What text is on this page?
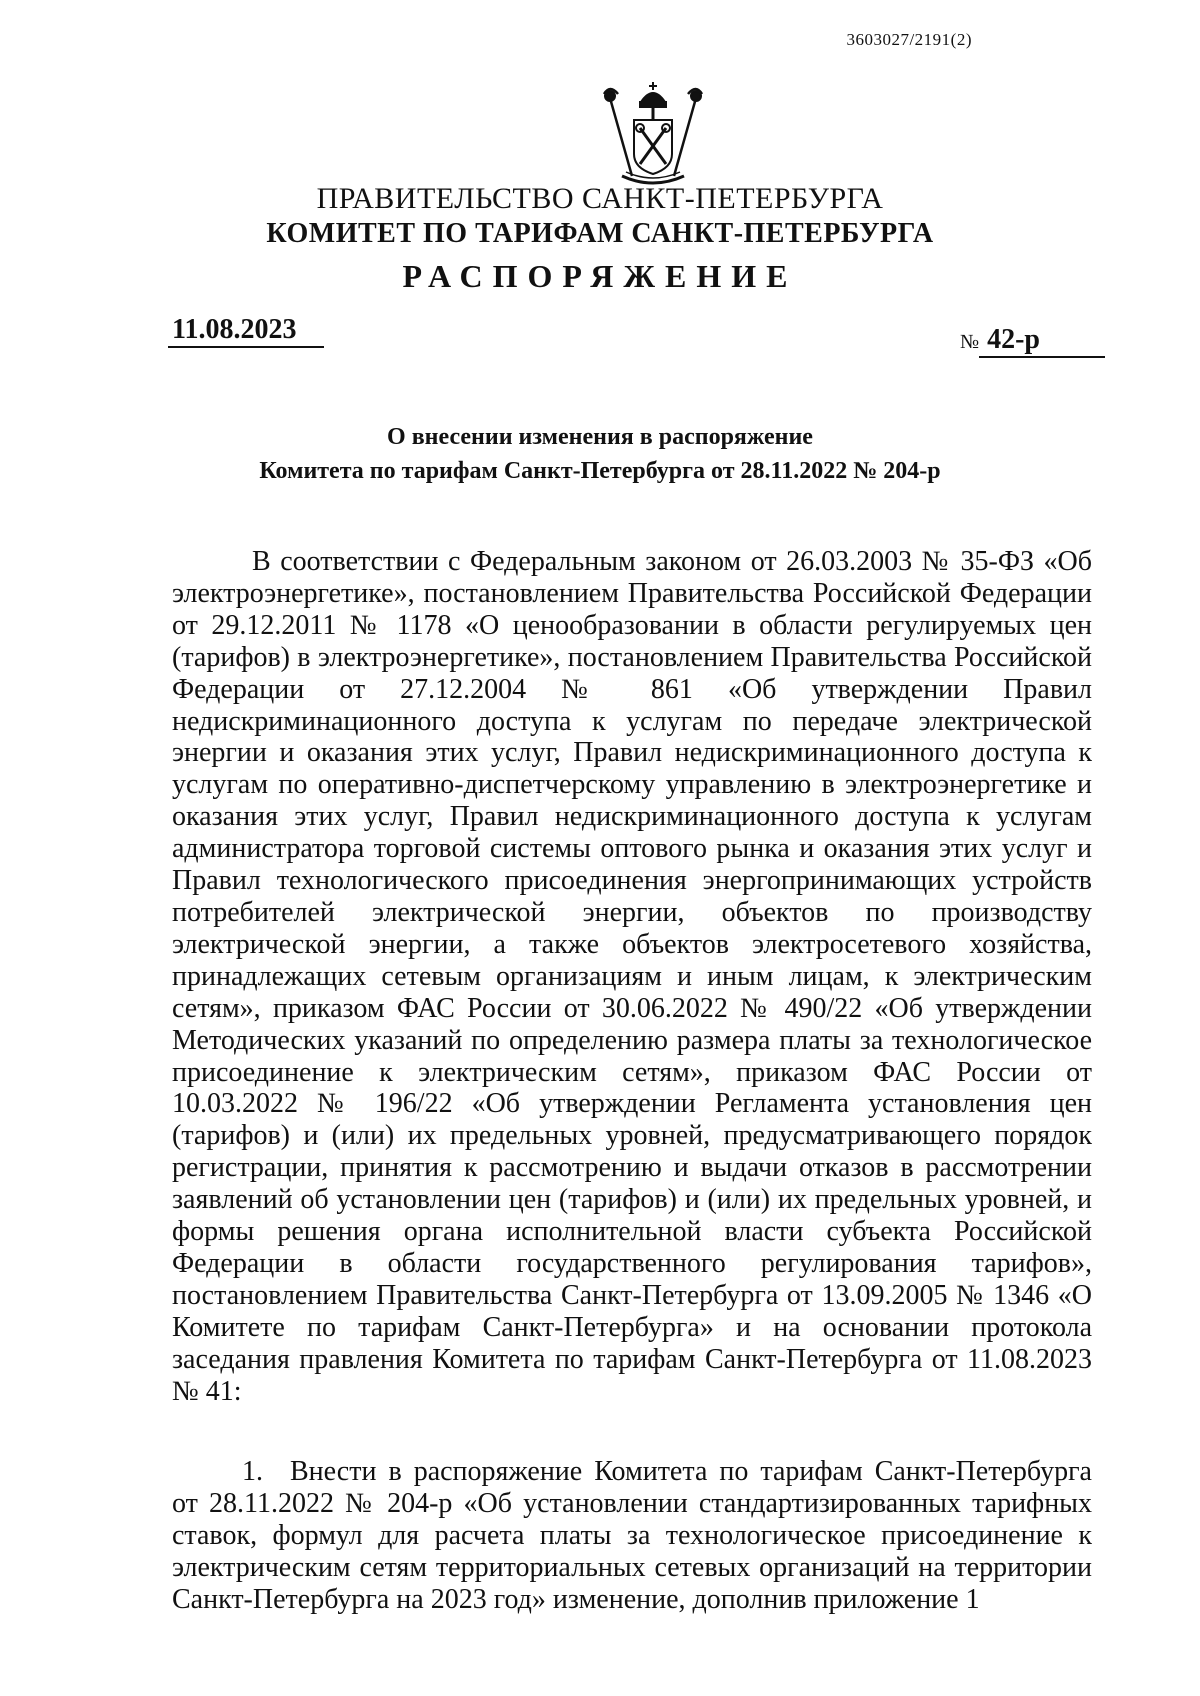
3603027/2191(2)
ПРАВИТЕЛЬСТВО САНКТ-ПЕТЕРБУРГА
КОМИТЕТ ПО ТАРИФАМ САНКТ-ПЕТЕРБУРГА
РАСПОРЯЖЕНИЕ
11.08.2023	№ 42-р
О внесении изменения в распоряжение
Комитета по тарифам Санкт-Петербурга от 28.11.2022 № 204-р

В соответствии с Федеральным законом от 26.03.2003 № 35-ФЗ «Об электроэнергетике», постановлением Правительства Российской Федерации от 29.12.2011 № 1178 «О ценообразовании в области регулируемых цен (тарифов) в электроэнергетике», постановлением Правительства Российской Федерации от 27.12.2004 № 861 «Об утверждении Правил недискриминационного доступа к услугам по передаче электрической энергии и оказания этих услуг, Правил недискриминационного доступа к услугам по оперативно-диспетчерскому управлению в электроэнергетике и оказания этих услуг, Правил недискриминационного доступа к услугам администратора торговой системы оптового рынка и оказания этих услуг и Правил технологического присоединения энергопринимающих устройств потребителей электрической энергии, объектов по производству электрической энергии, а также объектов электросетевого хозяйства, принадлежащих сетевым организациям и иным лицам, к электрическим сетям», приказом ФАС России от 30.06.2022 № 490/22 «Об утверждении Методических указаний по определению размера платы за технологическое присоединение к электрическим сетям», приказом ФАС России от 10.03.2022 № 196/22 «Об утверждении Регламента установления цен (тарифов) и (или) их предельных уровней, предусматривающего порядок регистрации, принятия к рассмотрению и выдачи отказов в рассмотрении заявлений об установлении цен (тарифов) и (или) их предельных уровней, и формы решения органа исполнительной власти субъекта Российской Федерации в области государственного регулирования тарифов», постановлением Правительства Санкт-Петербурга от 13.09.2005 № 1346 «О Комитете по тарифам Санкт-Петербурга» и на основании протокола заседания правления Комитета по тарифам Санкт-Петербурга от 11.08.2023 № 41:

1. Внести в распоряжение Комитета по тарифам Санкт-Петербурга от 28.11.2022 № 204-р «Об установлении стандартизированных тарифных ставок, формул для расчета платы за технологическое присоединение к электрическим сетям территориальных сетевых организаций на территории Санкт-Петербурга на 2023 год» изменение, дополнив приложение 1
